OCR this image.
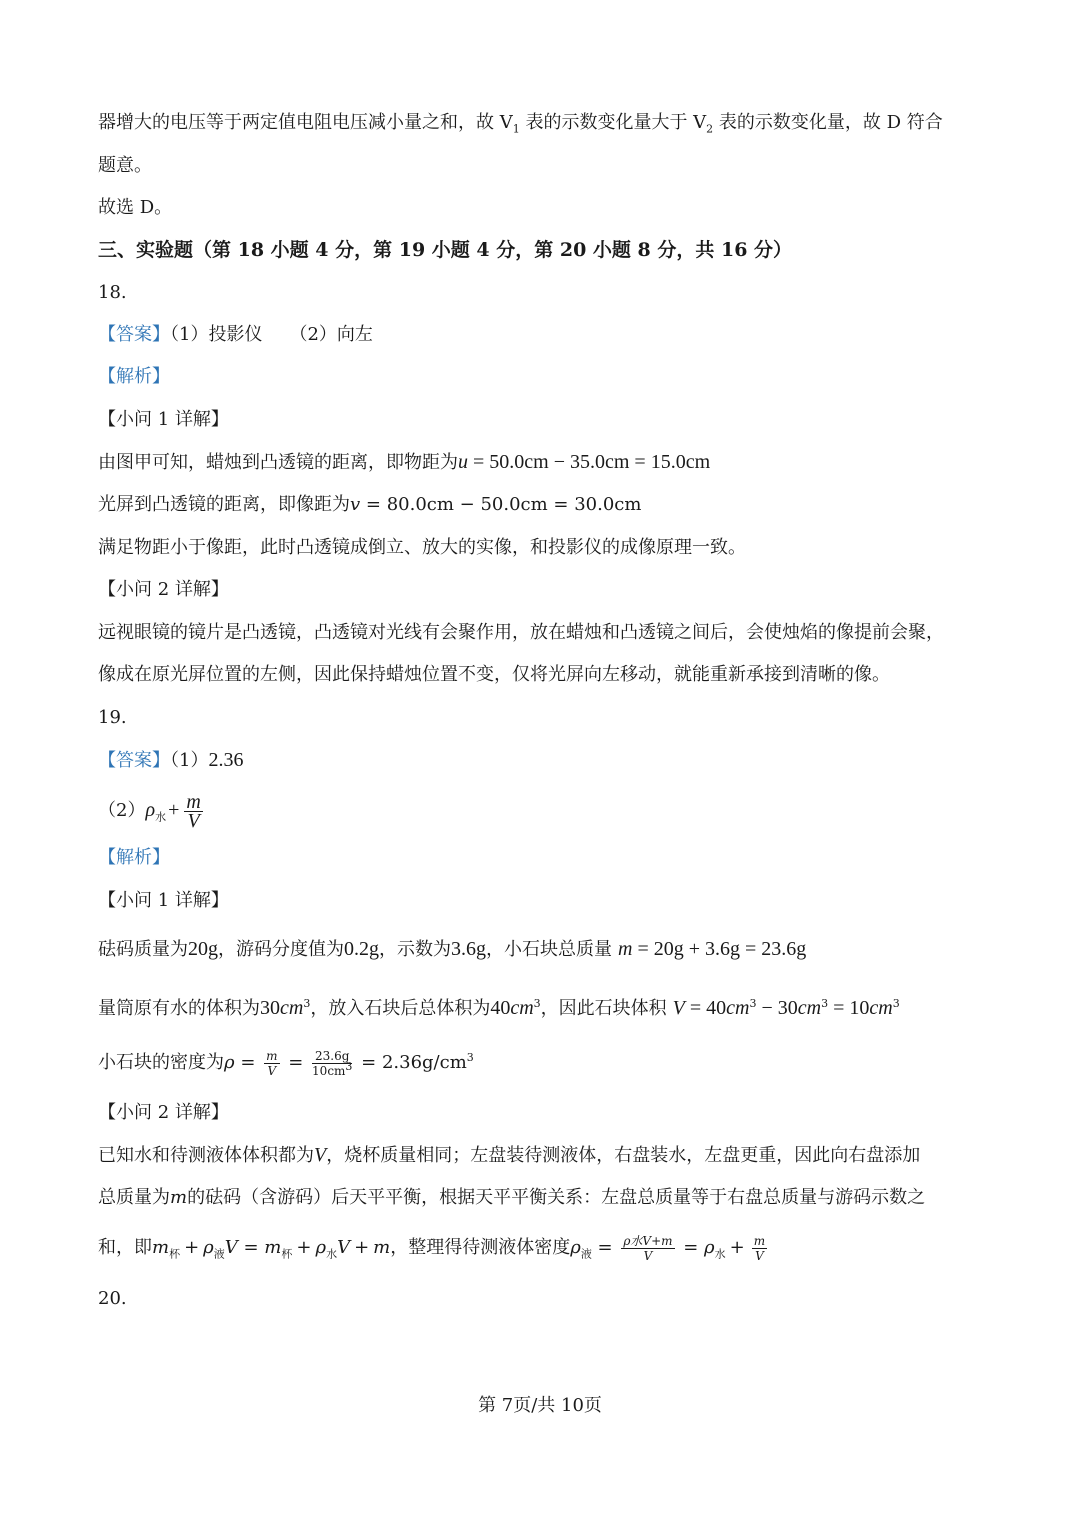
器增大的电压等于两定值电阻电压减小量之和，故 $V_1$ 表的示数变化量大于 $V_2$ 表的示数变化量，故 D 符合
题意。
故选 D。
三、实验题（第 18 小题 4 分，第 19 小题 4 分，第 20 小题 8 分，共 16 分）
18.
【答案】（1）投影仪　　（2）向左
【解析】
【小问 1 详解】
由图甲可知，蜡烛到凸透镜的距离，即物距为u = 50.0cm − 35.0cm = 15.0cm
光屏到凸透镜的距离，即像距为v = 80.0cm − 50.0cm = 30.0cm
满足物距小于像距，此时凸透镜成倒立、放大的实像，和投影仪的成像原理一致。
【小问 2 详解】
远视眼镜的镜片是凸透镜，凸透镜对光线有会聚作用，放在蜡烛和凸透镜之间后，会使烛焰的像提前会聚，
像成在原光屏位置的左侧，因此保持蜡烛位置不变，仅将光屏向左移动，就能重新承接到清晰的像。
19.
【答案】（1）2.36
$(2)\rho_水 + \frac{m}{V}$
【解析】
【小问 1 详解】
砝码质量为20g，游码分度值为0.2g，示数为3.6g，小石块总质量 m = 20g + 3.6g = 23.6g
量筒原有水的体积为$30cm^3$，放入石块后总体积为$40cm^3$，因此石块体积 $V = 40cm^3 - 30cm^3 = 10cm^3$
小石块的密度为$\rho = \frac{m}{V} = \frac{23.6g}{10cm^3} = 2.36g/cm^3$
【小问 2 详解】
已知水和待测液体体积都为V，烧杯质量相同；左盘装待测液体，右盘装水，左盘更重，因此向右盘添加
总质量为m的砝码（含游码）后天平平衡，根据天平平衡关系：左盘总质量等于右盘总质量与游码示数之
和，即$m_杯 + \rho_液V = m_杯 + \rho_水V + m$，整理得待测液体密度$\rho_液 = \frac{\text{ρ水V+m}}{V} = \rho_水 + \frac{m}{V}$
20.
第 7页/共 10页
